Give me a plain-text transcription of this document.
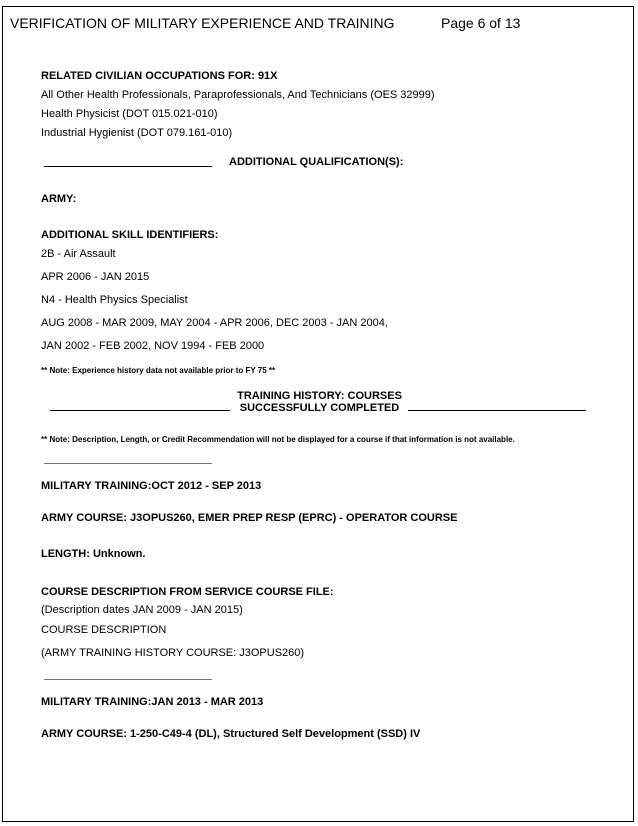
VERIFICATION OF MILITARY EXPERIENCE AND TRAINING	Page 6 of 13
RELATED CIVILIAN OCCUPATIONS FOR: 91X
All Other Health Professionals, Paraprofessionals, And Technicians (OES 32999)
Health Physicist (DOT 015.021-010)
Industrial Hygienist (DOT 079.161-010)
ADDITIONAL QUALIFICATION(S):
ARMY:
ADDITIONAL SKILL IDENTIFIERS:
2B - Air Assault
APR 2006 - JAN 2015
N4 - Health Physics Specialist
AUG 2008 - MAR 2009, MAY 2004 - APR 2006, DEC 2003 - JAN 2004,
JAN 2002 - FEB 2002, NOV 1994 - FEB 2000
** Note: Experience history data not available prior to FY 75 **
TRAINING HISTORY: COURSES
SUCCESSFULLY COMPLETED
** Note: Description, Length, or Credit Recommendation will not be displayed for a course if that information is not available.
MILITARY TRAINING:OCT 2012 - SEP 2013
ARMY COURSE: J3OPUS260, EMER PREP RESP (EPRC) - OPERATOR COURSE
LENGTH: Unknown.
COURSE DESCRIPTION FROM SERVICE COURSE FILE:
(Description dates JAN 2009 - JAN 2015)
COURSE DESCRIPTION
(ARMY TRAINING HISTORY COURSE: J3OPUS260)
MILITARY TRAINING:JAN 2013 - MAR 2013
ARMY COURSE: 1-250-C49-4 (DL), Structured Self Development (SSD) IV
